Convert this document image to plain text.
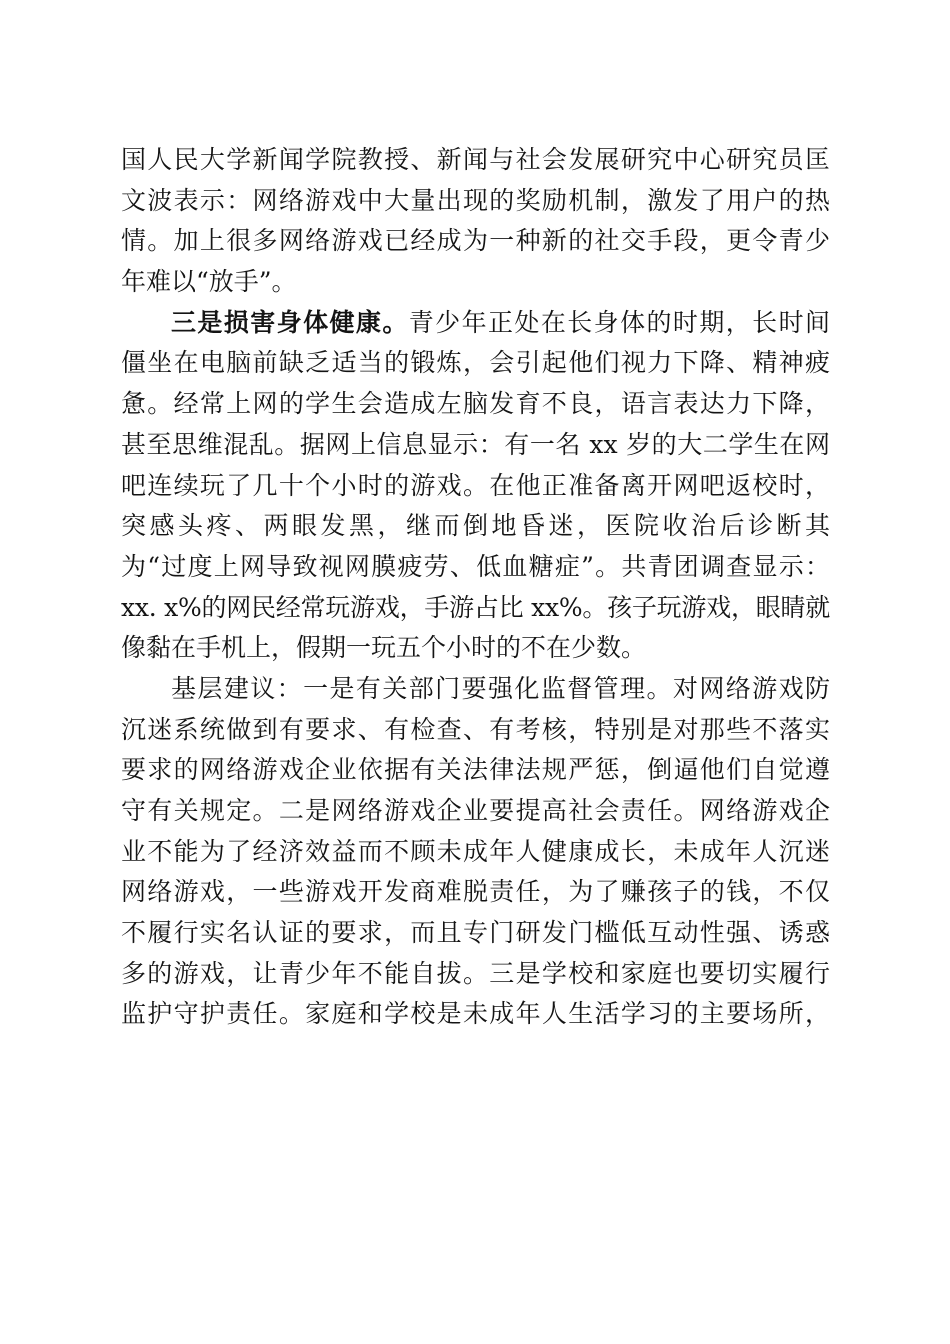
国人民大学新闻学院教授、新闻与社会发展研究中心研究员匡
文波表示：网络游戏中大量出现的奖励机制，激发了用户的热
情。加上很多网络游戏已经成为一种新的社交手段，更令青少
年难以“放手”。
三是损害身体健康。青少年正处在长身体的时期，长时间
僵坐在电脑前缺乏适当的锻炼，会引起他们视力下降、精神疲
惫。经常上网的学生会造成左脑发育不良，语言表达力下降，
甚至思维混乱。据网上信息显示：有一名 xx 岁的大二学生在网
吧连续玩了几十个小时的游戏。在他正准备离开网吧返校时，
突感头疼、两眼发黑，继而倒地昏迷，医院收治后诊断其
为“过度上网导致视网膜疲劳、低血糖症”。共青团调查显示：
xx. x%的网民经常玩游戏，手游占比 xx%。孩子玩游戏，眼睛就
像黏在手机上，假期一玩五个小时的不在少数。
基层建议：一是有关部门要强化监督管理。对网络游戏防
沉迷系统做到有要求、有检查、有考核，特别是对那些不落实
要求的网络游戏企业依据有关法律法规严惩，倒逼他们自觉遵
守有关规定。二是网络游戏企业要提高社会责任。网络游戏企
业不能为了经济效益而不顾未成年人健康成长，未成年人沉迷
网络游戏，一些游戏开发商难脱责任，为了赚孩子的钱，不仅
不履行实名认证的要求，而且专门研发门槛低互动性强、诱惑
多的游戏，让青少年不能自拔。三是学校和家庭也要切实履行
监护守护责任。家庭和学校是未成年人生活学习的主要场所，
